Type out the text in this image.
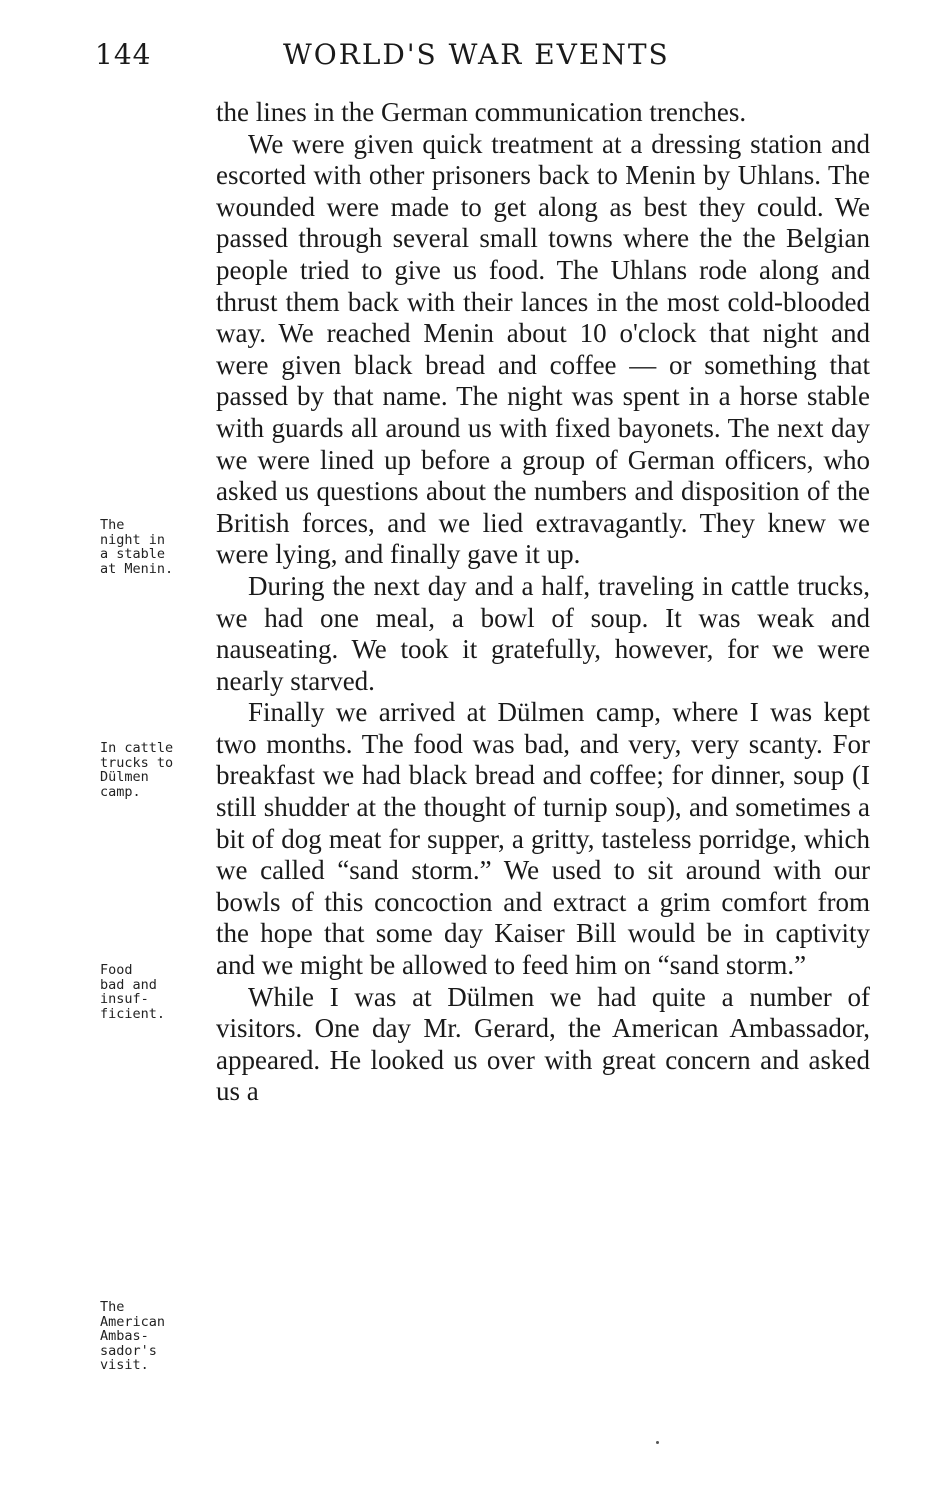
144	WORLD'S WAR EVENTS

the lines in the German communication trenches.

We were given quick treatment at a dressing station and escorted with other prisoners back to Menin by Uhlans. The wounded were made to get along as best they could. We passed through several small towns where the the Belgian people tried to give us food. The Uhlans rode along and thrust them back with their lances in the most cold-blooded way. We reached Menin about 10 o'clock that night and were given black bread and coffee — or something that passed by that name. The night was spent in a horse stable with guards all around us with fixed bayonets. The next day we were lined up before a group of German officers, who asked us questions about the numbers and disposition of the British forces, and we lied extravagantly. They knew we were lying, and finally gave it up.

During the next day and a half, traveling in cattle trucks, we had one meal, a bowl of soup. It was weak and nauseating. We took it gratefully, however, for we were nearly starved.

Finally we arrived at Dülmen camp, where I was kept two months. The food was bad, and very, very scanty. For breakfast we had black bread and coffee; for dinner, soup (I still shudder at the thought of turnip soup), and sometimes a bit of dog meat for supper, a gritty, tasteless porridge, which we called “sand storm.” We used to sit around with our bowls of this concoction and extract a grim comfort from the hope that some day Kaiser Bill would be in captivity and we might be allowed to feed him on “sand storm.”

While I was at Dülmen we had quite a number of visitors. One day Mr. Gerard, the American Ambassador, appeared. He looked us over with great concern and asked us a

The
night in
a stable
at Menin.
In cattle
trucks to
Dülmen
camp.
Food
bad and
insuf-
ficient.
The
American
Ambas-
sador's
visit.
